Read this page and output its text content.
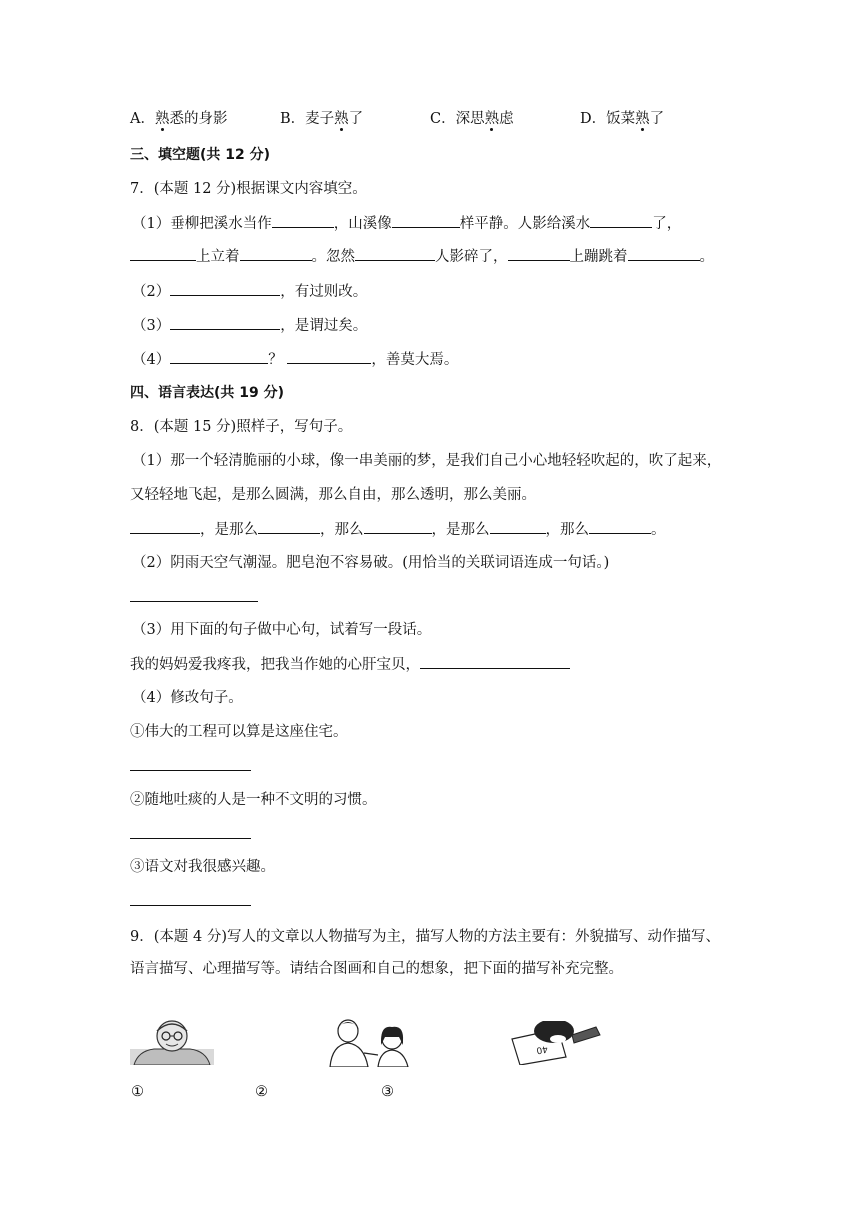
A．熟悉的身影	B．麦子熟了	C．深思熟虑	D．饭菜熟了
三、填空题(共 12 分)
7．(本题 12 分)根据课文内容填空。
（1）垂柳把溪水当作	，山溪像	样平静。人影给溪水	了，
上立着	。忽然	人影碎了，	上蹦跳着	。
（2）	，有过则改。
（3）	，是谓过矣。
（4）	？	，善莫大焉。
四、语言表达(共 19 分)
8．(本题 15 分)照样子，写句子。
（1）那一个轻清脆丽的小球，像一串美丽的梦，是我们自己小心地轻轻吹起的，吹了起来，
又轻轻地飞起，是那么圆满，那么自由，那么透明，那么美丽。
，是那么	，那么	，是那么	，那么	。
（2）阴雨天空气潮湿。肥皂泡不容易破。(用恰当的关联词语连成一句话。)
（3）用下面的句子做中心句，试着写一段话。
我的妈妈爱我疼我，把我当作她的心肝宝贝，
（4）修改句子。
①伟大的工程可以算是这座住宅。
②随地吐痰的人是一种不文明的习惯。
③语文对我很感兴趣。
9．(本题 4 分)写人的文章以人物描写为主，描写人物的方法主要有：外貌描写、动作描写、
语言描写、心理描写等。请结合图画和自己的想象，把下面的描写补充完整。
40
①	②	③
